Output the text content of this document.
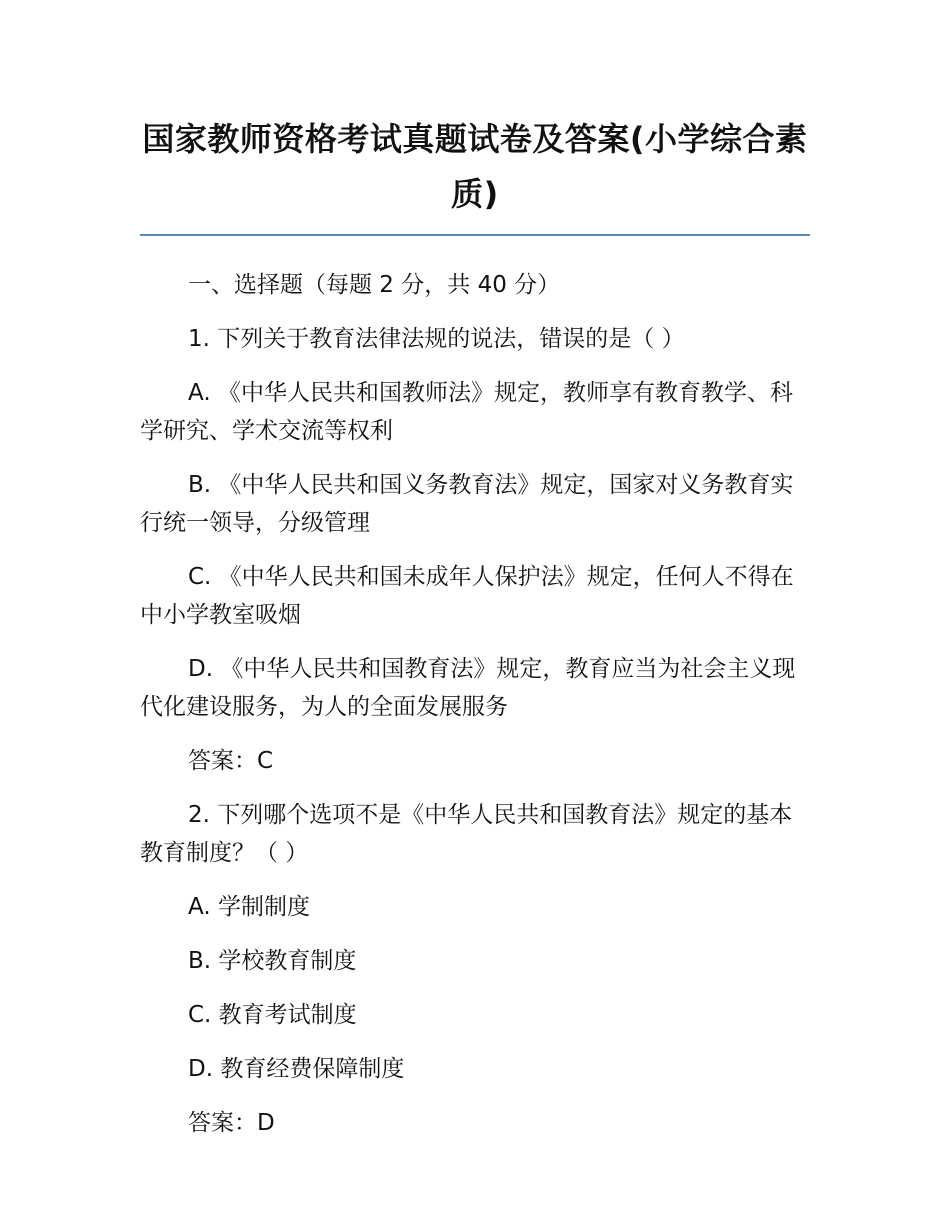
国家教师资格考试真题试卷及答案(小学综合素质)

一、选择题（每题 2 分，共 40 分）

1. 下列关于教育法律法规的说法，错误的是（ ）

A. 《中华人民共和国教师法》规定，教师享有教育教学、科学研究、学术交流等权利

B. 《中华人民共和国义务教育法》规定，国家对义务教育实行统一领导，分级管理

C. 《中华人民共和国未成年人保护法》规定，任何人不得在中小学教室吸烟

D. 《中华人民共和国教育法》规定，教育应当为社会主义现代化建设服务，为人的全面发展服务

答案：C

2. 下列哪个选项不是《中华人民共和国教育法》规定的基本教育制度？（ ）

A. 学制制度

B. 学校教育制度

C. 教育考试制度

D. 教育经费保障制度

答案：D
